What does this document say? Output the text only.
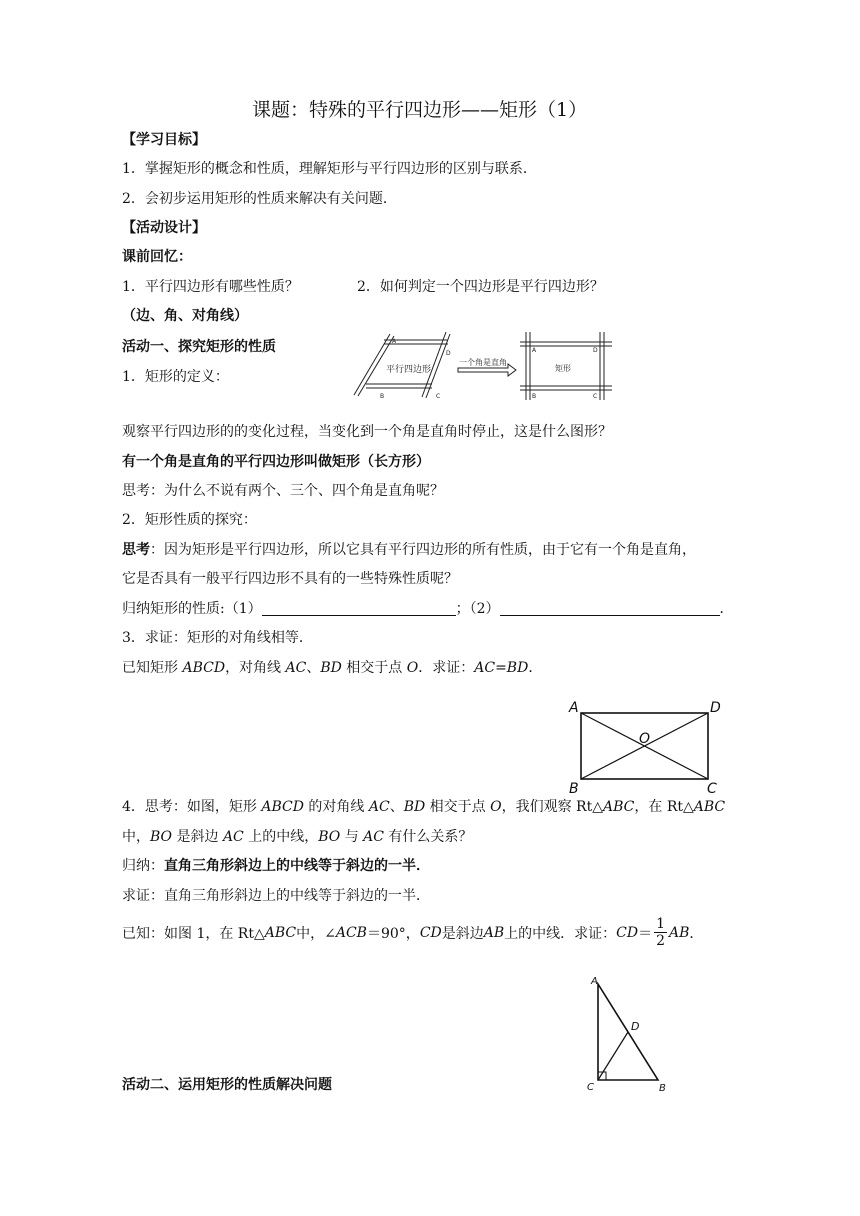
课题：特殊的平行四边形——矩形（1）
【学习目标】
1．掌握矩形的概念和性质，理解矩形与平行四边形的区别与联系．
2．会初步运用矩形的性质来解决有关问题．
【活动设计】
课前回忆：
1．平行四边形有哪些性质？	2．如何判定一个四边形是平行四边形？
（边、角、对角线）
活动一、探究矩形的性质
1．矩形的定义：	平行四边形
A
D
B	C
一个角是直角
矩形
A	D
B	C
观察平行四边形的的变化过程，当变化到一个角是直角时停止，这是什么图形？
有一个角是直角的平行四边形叫做矩形（长方形）
思考：为什么不说有两个、三个、四个角是直角呢？
2．矩形性质的探究：
思考：因为矩形是平行四边形，所以它具有平行四边形的所有性质，由于它有一个角是直角，
它是否具有一般平行四边形不具有的一些特殊性质呢？
归纳矩形的性质:（1）	；（2）	．
3．求证：矩形的对角线相等．
已知矩形 ABCD，对角线 AC、BD 相交于点 O．求证：AC=BD．
A	D
O
B	C
4．思考：如图，矩形 ABCD 的对角线 AC、BD 相交于点 O，我们观察 Rt△ABC，在 Rt△ABC
中，BO 是斜边 AC 上的中线，BO 与 AC 有什么关系？
归纳：直角三角形斜边上的中线等于斜边的一半．
求证：直角三角形斜边上的中线等于斜边的一半．
已知：如图 1，在 Rt△ ABC 中，∠ ACB ＝90°， CD 是斜边 AB 上的中线．求证： CD ＝ $\frac{1}{2}$ AB ．
A
D
C	B
活动二、运用矩形的性质解决问题
